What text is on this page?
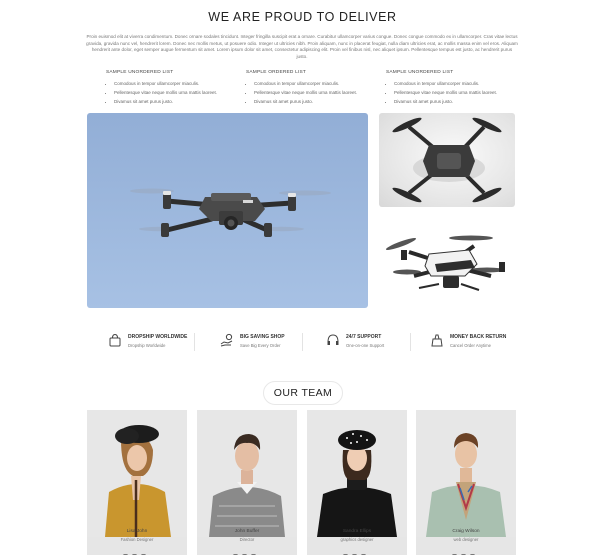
WE ARE PROUD TO DELIVER
Proin euismod elit at viverra condimentum. Donec ornare sodales tincidunt. Integer fringilla suscipit erat a ornare. Curabitur ullamcorper varius congue. Donec congue commodo ex in ullamcorper. Cras vitae lectus gravida, gravida nunc vel, hendrerit lorem. Donec nec mollis metus, ut posuere odio. Integer ut ultricies nibh. Proin aliquam, nunc in placerat feugiat, nulla diam ultricies erat, ac mollis massa enim vel eros. Aliquam hendrerit ante dolor, eget semper augue fermentum sit amet. Lorem ipsum dolor sit amet, consectetur adipiscing elit. Proin vel finibus nisl, nec aliquet ipsum. Pellentesque tempus est justo, ac hendrerit purus justo.
SAMPLE UNORDERED LIST
• Comodous in tempor ullamcorper miaculis.
• Pellentesque vitae neque mollis urna mattis laoreet.
• Divamus sit amet purus justo.
SAMPLE ORDERED LIST
• Comodous in tempor ullamcorper miaculis.
• Pellentesque vitae neque mollis urna mattis laoreet.
• Divamus sit amet purus justo.
SAMPLE UNORDERED LIST
• Comodous in tempor ullamcorper miaculis.
• Pellentesque vitae neque mollis urna mattis laoreet.
• Divamus sit amet purus justo.
DROPSHIP WORLDWIDE
Dropship Worldwide
BIG SAVING SHOP
Save Big Every Order
24/7 SUPPORT
One-on-one Support
MONEY BACK RETURN
Cancel Order Anytime
OUR TEAM
Lisa John
Fashion Designer
John Buffer
Director
Sandra Ellips
graphics designer
Craig Wilson
web designer
